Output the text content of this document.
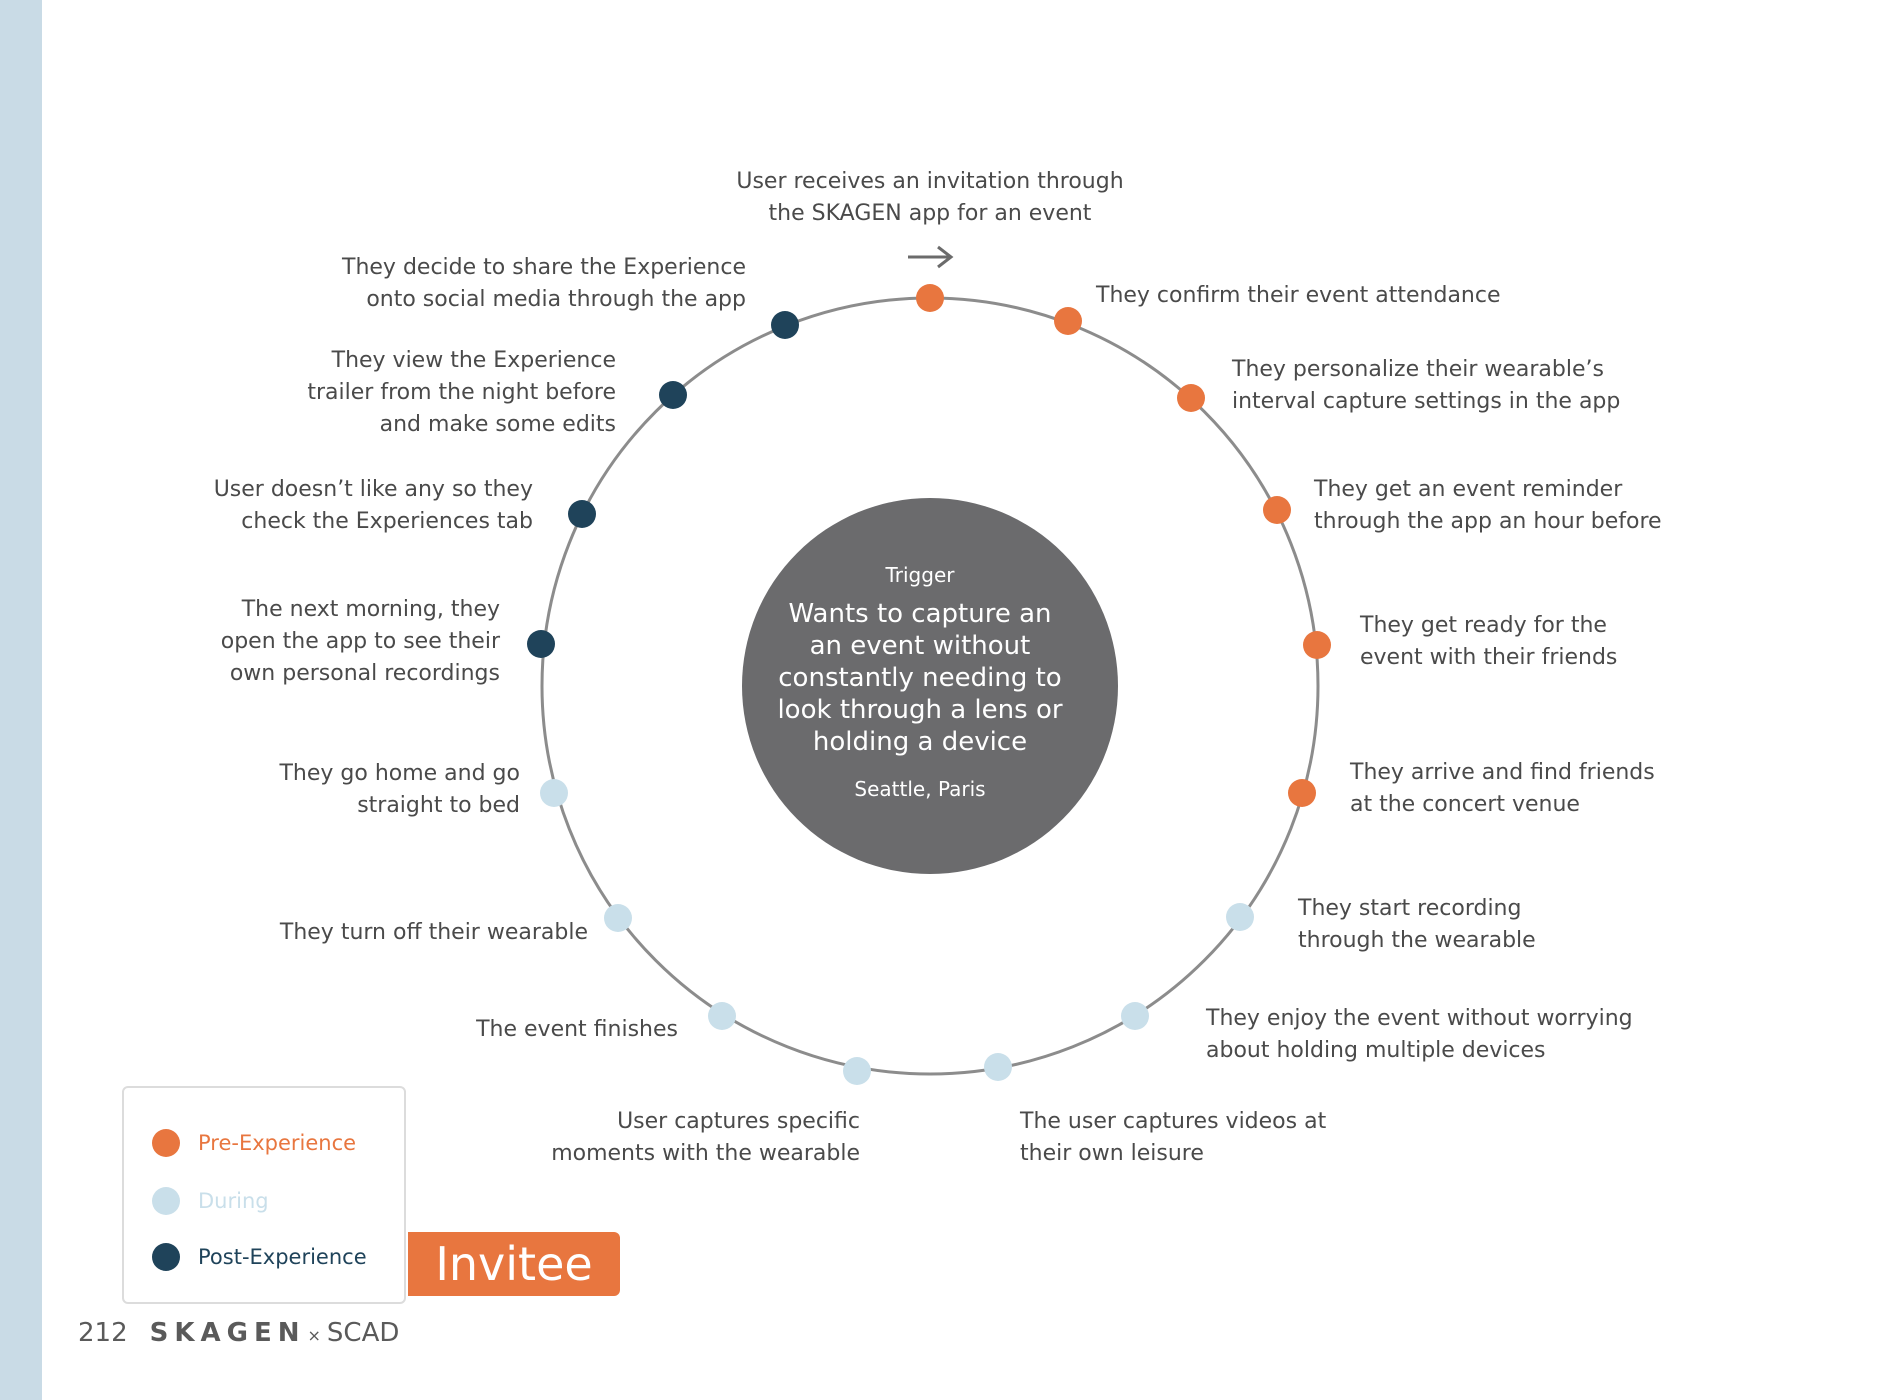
They confirm their event attendance
They personalize their wearable’s
interval capture settings in the app
They get an event reminder
through the app an hour before
They get ready for the
event with their friends
They arrive and find friends
at the concert venue
They start recording
through the wearable
They enjoy the event without worrying
about holding multiple devices
The user captures videos at
their own leisure
User captures specific
moments with the wearable
The event finishes
They turn off their wearable
They go home and go
straight to bed
The next morning, they
open the app to see their
own personal recordings
User doesn’t like any so they
check the Experiences tab
They view the Experience
trailer from the night before
and make some edits
They decide to share the Experience
onto social media through the app
User receives an invitation through
the SKAGEN app for an event
Trigger
Wants to capture an
an event without
constantly needing to
look through a lens or
holding a device
Seattle, Paris
Pre-Experience
During
Post-Experience	Invitee
212 SKAGEN × SCAD
